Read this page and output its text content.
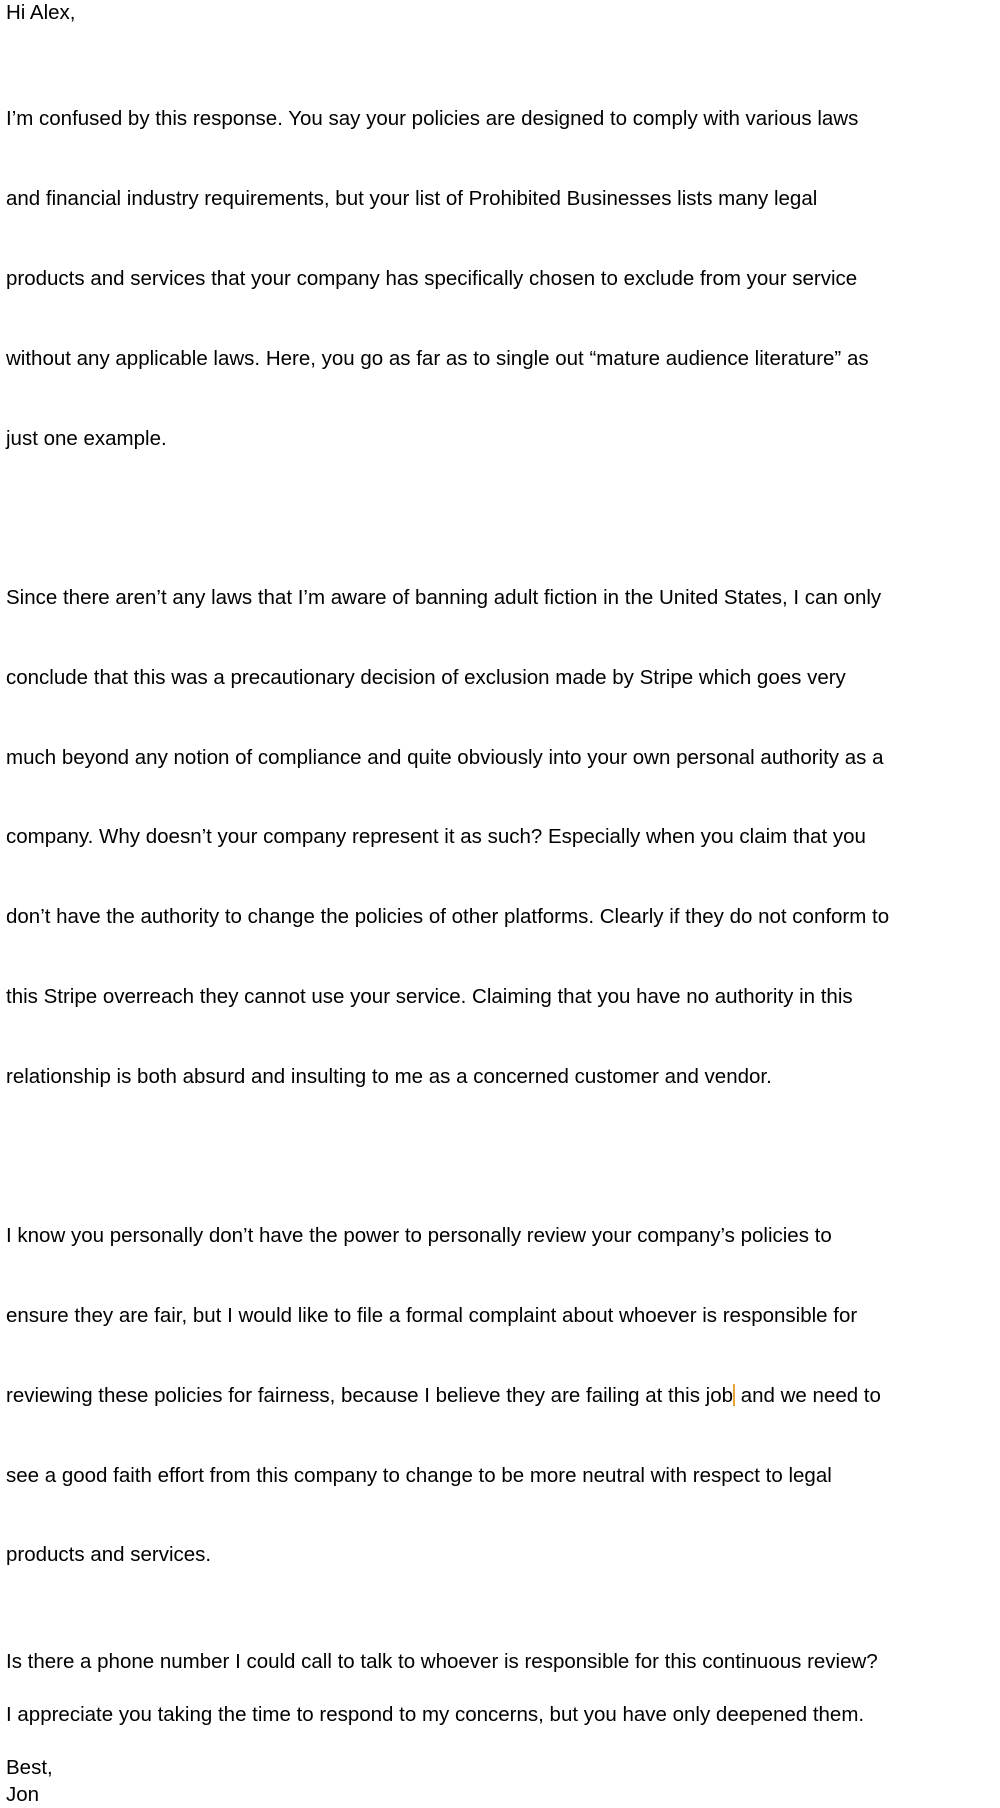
Hi Alex,

I’m confused by this response. You say your policies are designed to comply with various laws

and financial industry requirements, but your list of Prohibited Businesses lists many legal

products and services that your company has specifically chosen to exclude from your service

without any applicable laws. Here, you go as far as to single out “mature audience literature” as

just one example.

Since there aren’t any laws that I’m aware of banning adult fiction in the United States, I can only

conclude that this was a precautionary decision of exclusion made by Stripe which goes very

much beyond any notion of compliance and quite obviously into your own personal authority as a

company. Why doesn’t your company represent it as such? Especially when you claim that you

don’t have the authority to change the policies of other platforms. Clearly if they do not conform to

this Stripe overreach they cannot use your service. Claiming that you have no authority in this

relationship is both absurd and insulting to me as a concerned customer and vendor.

I know you personally don’t have the power to personally review your company’s policies to

ensure they are fair, but I would like to file a formal complaint about whoever is responsible for

reviewing these policies for fairness, because I believe they are failing at this job and we need to

see a good faith effort from this company to change to be more neutral with respect to legal

products and services.

Is there a phone number I could call to talk to whoever is responsible for this continuous review?

I appreciate you taking the time to respond to my concerns, but you have only deepened them.

Best,

Jon
